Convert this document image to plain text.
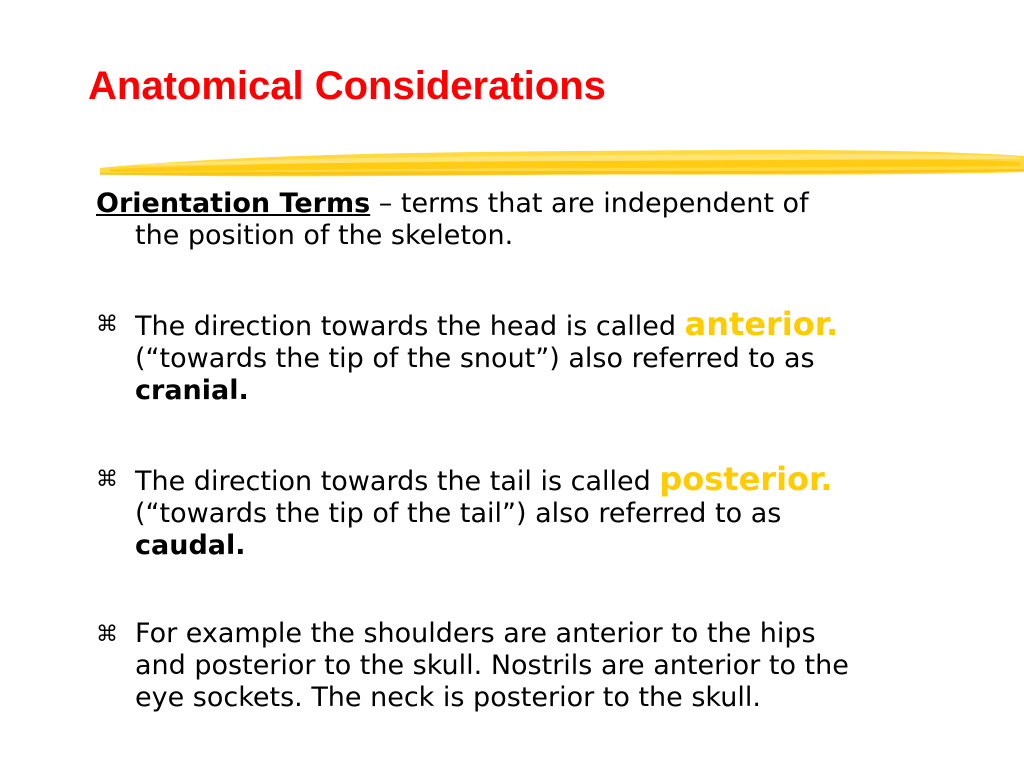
Anatomical Considerations

Orientation Terms – terms that are independent of
the position of the skeleton.

⌘ The direction towards the head is called anterior.
(“towards the tip of the snout”) also referred to as
cranial.
⌘ The direction towards the tail is called posterior.
(“towards the tip of the tail”) also referred to as
caudal.
⌘ For example the shoulders are anterior to the hips
and posterior to the skull. Nostrils are anterior to the
eye sockets. The neck is posterior to the skull.
